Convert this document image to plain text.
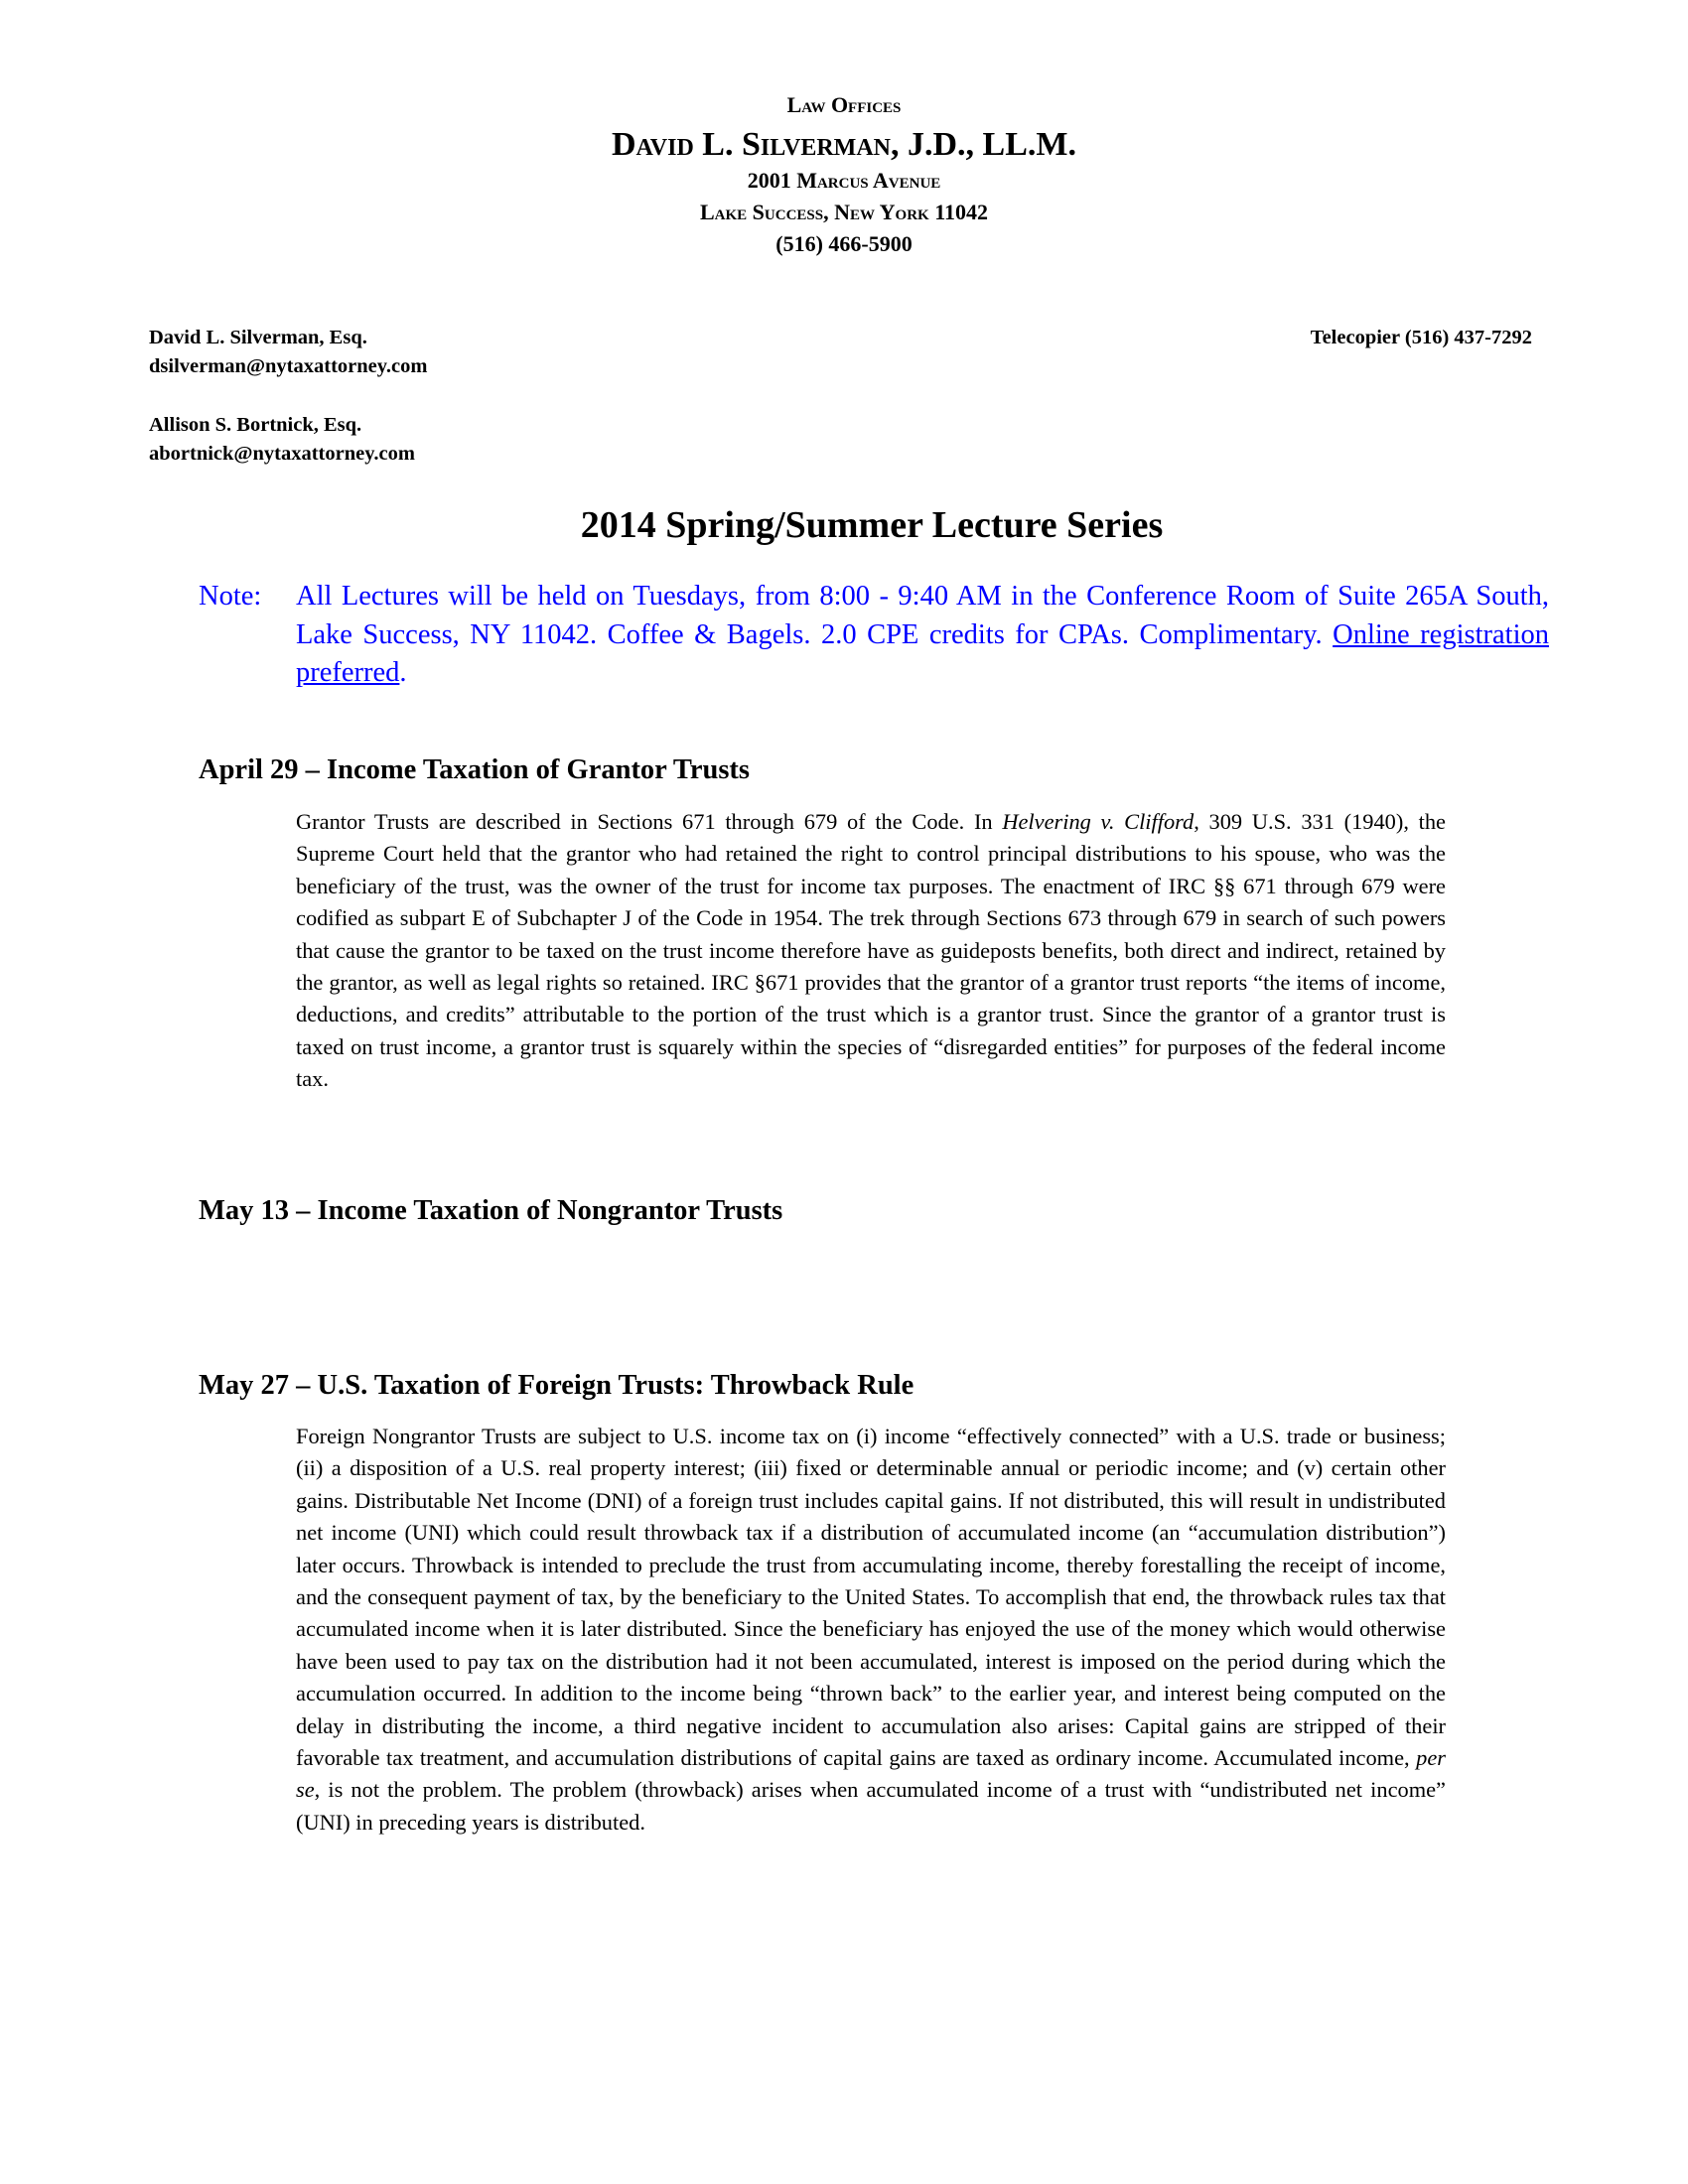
Law Offices
David L. Silverman, J.D., LL.M.
2001 Marcus Avenue
Lake Success, New York 11042
(516) 466-5900
David L. Silverman, Esq.
dsilverman@nytaxattorney.com
Allison S. Bortnick, Esq.
abortnick@nytaxattorney.com
Telecopier (516) 437-7292
2014 Spring/Summer Lecture Series
Note: All Lectures will be held on Tuesdays, from 8:00 - 9:40 AM in the Conference Room of Suite 265A South, Lake Success, NY 11042. Coffee & Bagels. 2.0 CPE credits for CPAs. Complimentary. Online registration preferred.
April 29 – Income Taxation of Grantor Trusts
Grantor Trusts are described in Sections 671 through 679 of the Code. In Helvering v. Clifford, 309 U.S. 331 (1940), the Supreme Court held that the grantor who had retained the right to control principal distributions to his spouse, who was the beneficiary of the trust, was the owner of the trust for income tax purposes. The enactment of IRC §§ 671 through 679 were codified as subpart E of Subchapter J of the Code in 1954. The trek through Sections 673 through 679 in search of such powers that cause the grantor to be taxed on the trust income therefore have as guideposts benefits, both direct and indirect, retained by the grantor, as well as legal rights so retained. IRC §671 provides that the grantor of a grantor trust reports “the items of income, deductions, and credits” attributable to the portion of the trust which is a grantor trust. Since the grantor of a grantor trust is taxed on trust income, a grantor trust is squarely within the species of “disregarded entities” for purposes of the federal income tax.
May 13 – Income Taxation of Nongrantor Trusts
May 27 – U.S. Taxation of Foreign Trusts: Throwback Rule
Foreign Nongrantor Trusts are subject to U.S. income tax on (i) income “effectively connected” with a U.S. trade or business; (ii) a disposition of a U.S. real property interest; (iii) fixed or determinable annual or periodic income; and (v) certain other gains. Distributable Net Income (DNI) of a foreign trust includes capital gains. If not distributed, this will result in undistributed net income (UNI) which could result throwback tax if a distribution of accumulated income (an “accumulation distribution”) later occurs. Throwback is intended to preclude the trust from accumulating income, thereby forestalling the receipt of income, and the consequent payment of tax, by the beneficiary to the United States. To accomplish that end, the throwback rules tax that accumulated income when it is later distributed. Since the beneficiary has enjoyed the use of the money which would otherwise have been used to pay tax on the distribution had it not been accumulated, interest is imposed on the period during which the accumulation occurred. In addition to the income being “thrown back” to the earlier year, and interest being computed on the delay in distributing the income, a third negative incident to accumulation also arises: Capital gains are stripped of their favorable tax treatment, and accumulation distributions of capital gains are taxed as ordinary income. Accumulated income, per se, is not the problem. The problem (throwback) arises when accumulated income of a trust with “undistributed net income” (UNI) in preceding years is distributed.
